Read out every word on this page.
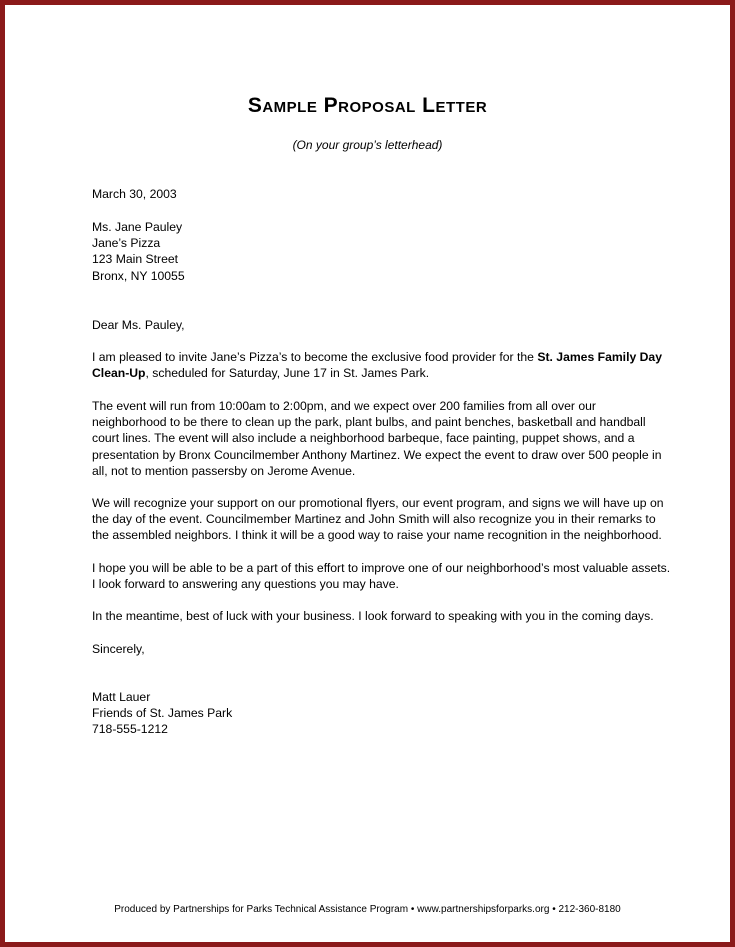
Sample Proposal Letter
(On your group’s letterhead)
March 30, 2003
Ms. Jane Pauley
Jane’s Pizza
123 Main Street
Bronx, NY 10055
Dear Ms. Pauley,
I am pleased to invite Jane’s Pizza’s to become the exclusive food provider for the St. James Family Day
Clean-Up, scheduled for Saturday, June 17 in St. James Park.
The event will run from 10:00am to 2:00pm, and we expect over 200 families from all over our
neighborhood to be there to clean up the park, plant bulbs, and paint benches, basketball and handball
court lines. The event will also include a neighborhood barbeque, face painting, puppet shows, and a
presentation by Bronx Councilmember Anthony Martinez. We expect the event to draw over 500 people in
all, not to mention passersby on Jerome Avenue.
We will recognize your support on our promotional flyers, our event program, and signs we will have up on
the day of the event. Councilmember Martinez and John Smith will also recognize you in their remarks to
the assembled neighbors. I think it will be a good way to raise your name recognition in the neighborhood.
I hope you will be able to be a part of this effort to improve one of our neighborhood’s most valuable assets.
I look forward to answering any questions you may have.
In the meantime, best of luck with your business. I look forward to speaking with you in the coming days.
Sincerely,
Matt Lauer
Friends of St. James Park
718-555-1212
Produced by Partnerships for Parks Technical Assistance Program • www.partnershipsforparks.org • 212-360-8180
